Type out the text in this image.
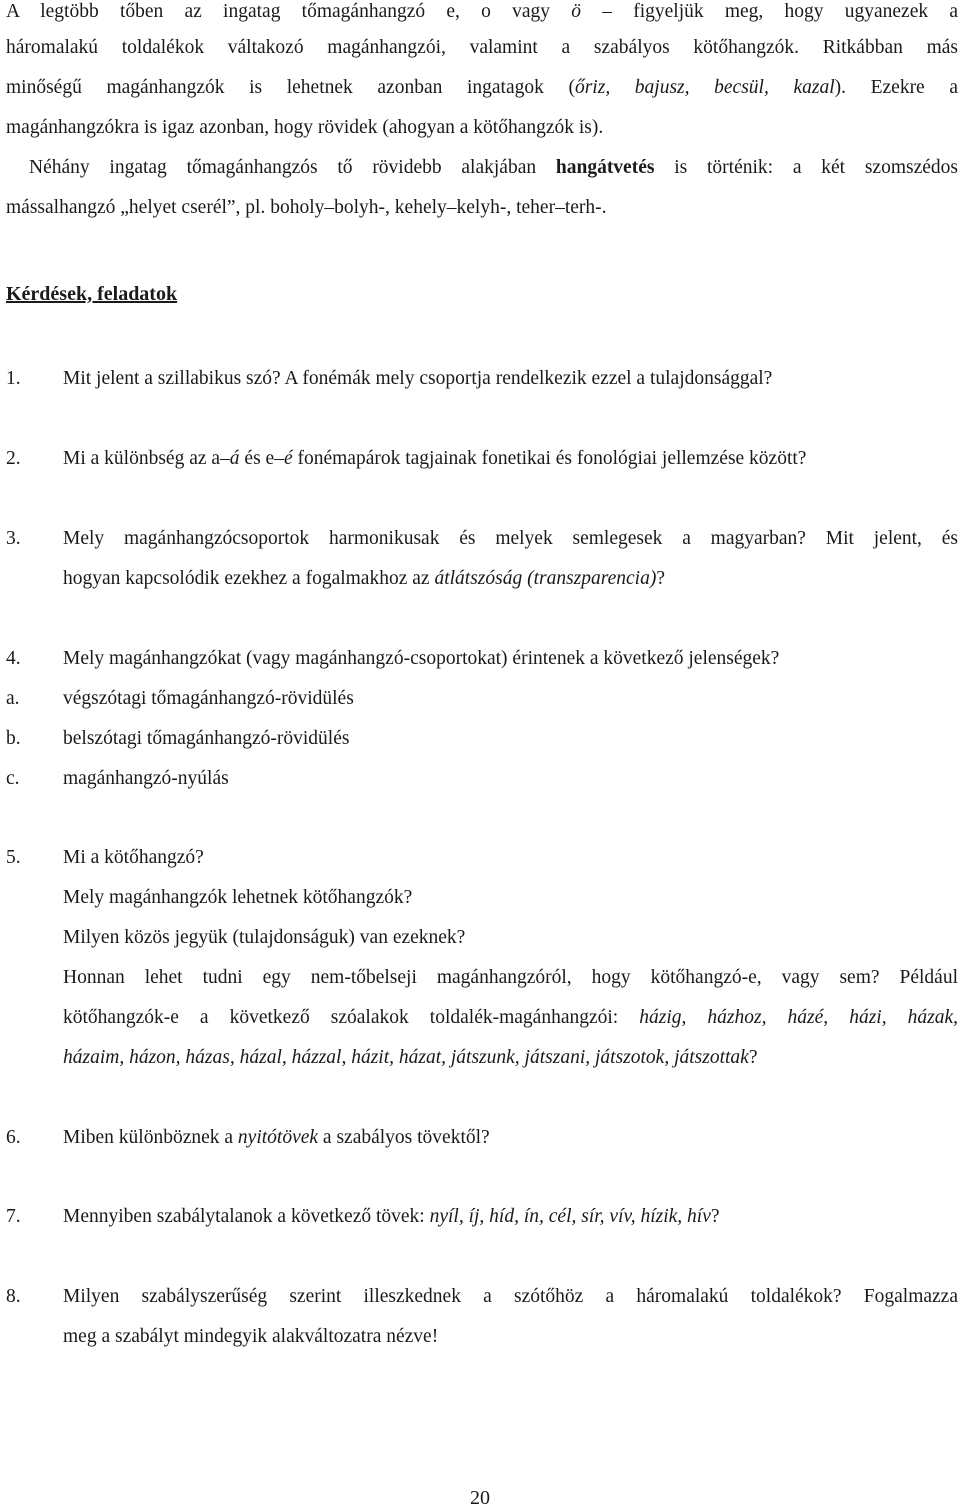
A legtöbb tőben az ingatag tőmagánhangzó e, o vagy ö – figyeljük meg, hogy ugyanezek a
háromalakú toldalékok váltakozó magánhangzói, valamint a szabályos kötőhangzók. Ritkábban más
minőségű magánhangzók is lehetnek azonban ingatagok (őriz, bajusz, becsül, kazal). Ezekre a
magánhangzókra is igaz azonban, hogy rövidek (ahogyan a kötőhangzók is).
Néhány ingatag tőmagánhangzós tő rövidebb alakjában hangátvetés is történik: a két szomszédos
mássalhangzó „helyet cserél”, pl. boholy–bolyh-, kehely–kelyh-, teher–terh-.
Kérdések, feladatok
1. Mit jelent a szillabikus szó? A fonémák mely csoportja rendelkezik ezzel a tulajdonsággal?
2. Mi a különbség az a–á és e–é fonémapárok tagjainak fonetikai és fonológiai jellemzése között?
3. Mely magánhangzócsoportok harmonikusak és melyek semlegesek a magyarban? Mit jelent, és
hogyan kapcsolódik ezekhez a fogalmakhoz az átlátszóság (transzparencia)?
4. Mely magánhangzókat (vagy magánhangzó-csoportokat) érintenek a következő jelenségek?
a. végszótagi tőmagánhangzó-rövidülés
b. belszótagi tőmagánhangzó-rövidülés
c. magánhangzó-nyúlás
5. Mi a kötőhangzó?
Mely magánhangzók lehetnek kötőhangzók?
Milyen közös jegyük (tulajdonságuk) van ezeknek?
Honnan lehet tudni egy nem-tőbelseji magánhangzóról, hogy kötőhangzó-e, vagy sem? Például
kötőhangzók-e a következő szóalakok toldalék-magánhangzói: házig, házhoz, házé, házi, házak,
házaim, házon, házas, házal, házzal, házit, házat, játszunk, játszani, játszotok, játszottak?
6. Miben különböznek a nyitótövek a szabályos tövektől?
7. Mennyiben szabálytalanok a következő tövek: nyíl, íj, híd, ín, cél, sír, vív, hízik, hív?
8. Milyen szabályszerűség szerint illeszkednek a szótőhöz a háromalakú toldalékok? Fogalmazza
meg a szabályt mindegyik alakváltozatra nézve!
20
